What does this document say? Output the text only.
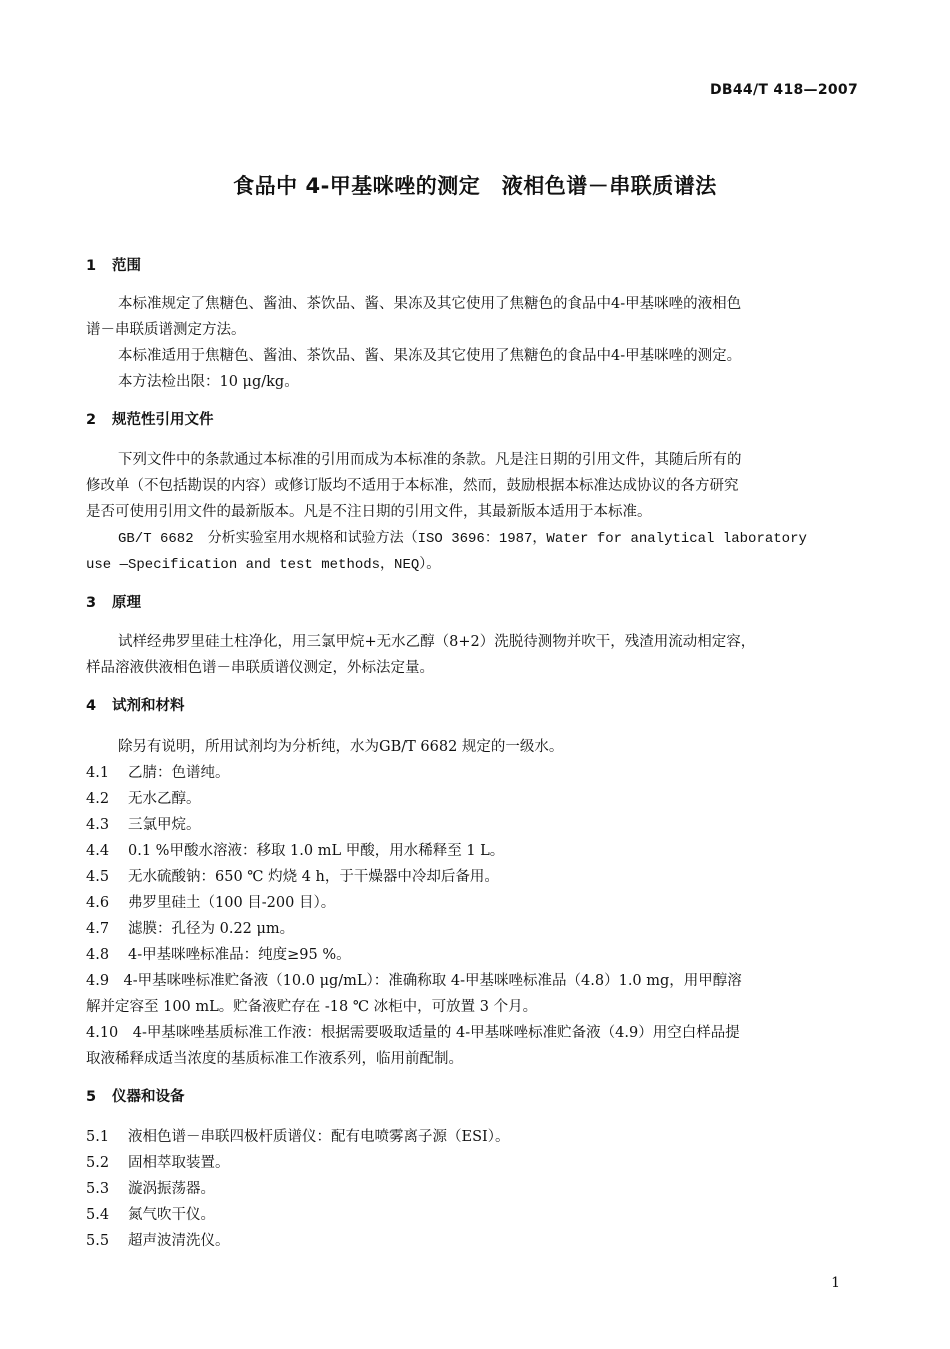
DB44/T 418—2007
食品中 4-甲基咪唑的测定　液相色谱－串联质谱法
1 范围
本标准规定了焦糖色、酱油、茶饮品、酱、果冻及其它使用了焦糖色的食品中4-甲基咪唑的液相色
谱－串联质谱测定方法。
本标准适用于焦糖色、酱油、茶饮品、酱、果冻及其它使用了焦糖色的食品中4-甲基咪唑的测定。
本方法检出限：10 μg/kg。
2 规范性引用文件
下列文件中的条款通过本标准的引用而成为本标准的条款。凡是注日期的引用文件，其随后所有的
修改单（不包括勘误的内容）或修订版均不适用于本标准，然而，鼓励根据本标准达成协议的各方研究
是否可使用引用文件的最新版本。凡是不注日期的引用文件，其最新版本适用于本标准。
GB/T 6682　分析实验室用水规格和试验方法（ISO 3696：1987，Water for analytical laboratory
use —Specification and test methods，NEQ）。
3 原理
试样经弗罗里硅土柱净化，用三氯甲烷+无水乙醇（8+2）洗脱待测物并吹干，残渣用流动相定容，
样品溶液供液相色谱－串联质谱仪测定，外标法定量。
4 试剂和材料
除另有说明，所用试剂均为分析纯，水为GB/T 6682 规定的一级水。
4.1 乙腈：色谱纯。
4.2 无水乙醇。
4.3 三氯甲烷。
4.4 0.1 %甲酸水溶液：移取 1.0 mL 甲酸，用水稀释至 1 L。
4.5 无水硫酸钠：650 ℃ 灼烧 4 h，于干燥器中冷却后备用。
4.6 弗罗里硅土（100 目-200 目）。
4.7 滤膜：孔径为 0.22 μm。
4.8 4-甲基咪唑标准品：纯度≥95 %。
4.9　4-甲基咪唑标准贮备液（10.0 μg/mL）：准确称取 4-甲基咪唑标准品（4.8）1.0 mg，用甲醇溶
解并定容至 100 mL。贮备液贮存在 -18 ℃ 冰柜中，可放置 3 个月。
4.10　4-甲基咪唑基质标准工作液：根据需要吸取适量的 4-甲基咪唑标准贮备液（4.9）用空白样品提
取液稀释成适当浓度的基质标准工作液系列，临用前配制。
5 仪器和设备
5.1 液相色谱－串联四极杆质谱仪：配有电喷雾离子源（ESI）。
5.2 固相萃取装置。
5.3 漩涡振荡器。
5.4 氮气吹干仪。
5.5 超声波清洗仪。
1
